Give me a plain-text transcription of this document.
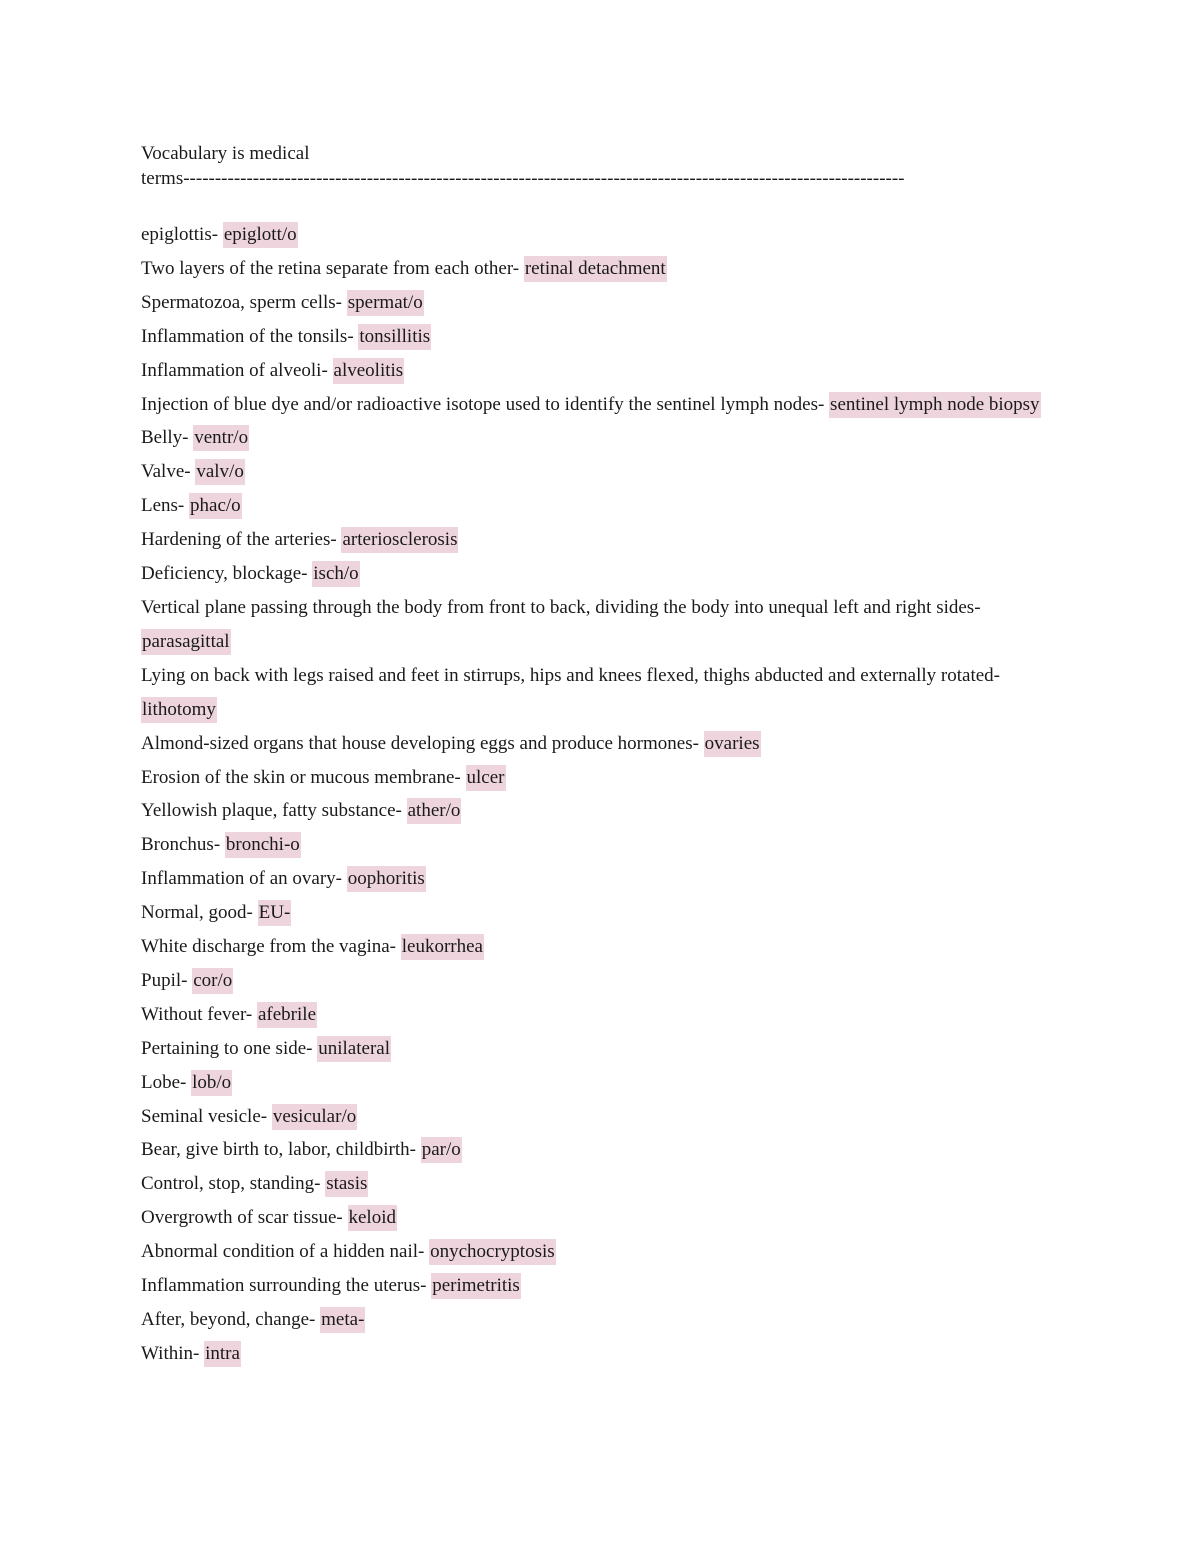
Vocabulary is medical

terms------------------------------------------------------------------------------------------------------------------

epiglottis- epiglott/o
Two layers of the retina separate from each other- retinal detachment
Spermatozoa, sperm cells- spermat/o
Inflammation of the tonsils- tonsillitis
Inflammation of alveoli- alveolitis
Injection of blue dye and/or radioactive isotope used to identify the sentinel lymph nodes- sentinel lymph node biopsy
Belly- ventr/o
Valve- valv/o
Lens- phac/o
Hardening of the arteries- arteriosclerosis
Deficiency, blockage- isch/o
Vertical plane passing through the body from front to back, dividing the body into unequal left and right sides- parasagittal
Lying on back with legs raised and feet in stirrups, hips and knees flexed, thighs abducted and externally rotated- lithotomy
Almond-sized organs that house developing eggs and produce hormones- ovaries
Erosion of the skin or mucous membrane- ulcer
Yellowish plaque, fatty substance- ather/o
Bronchus- bronchi-o
Inflammation of an ovary- oophoritis
Normal, good- EU-
White discharge from the vagina- leukorrhea
Pupil- cor/o
Without fever- afebrile
Pertaining to one side- unilateral
Lobe- lob/o
Seminal vesicle- vesicular/o
Bear, give birth to, labor, childbirth- par/o
Control, stop, standing- stasis
Overgrowth of scar tissue- keloid
Abnormal condition of a hidden nail- onychocryptosis
Inflammation surrounding the uterus- perimetritis
After, beyond, change- meta-
Within- intra
